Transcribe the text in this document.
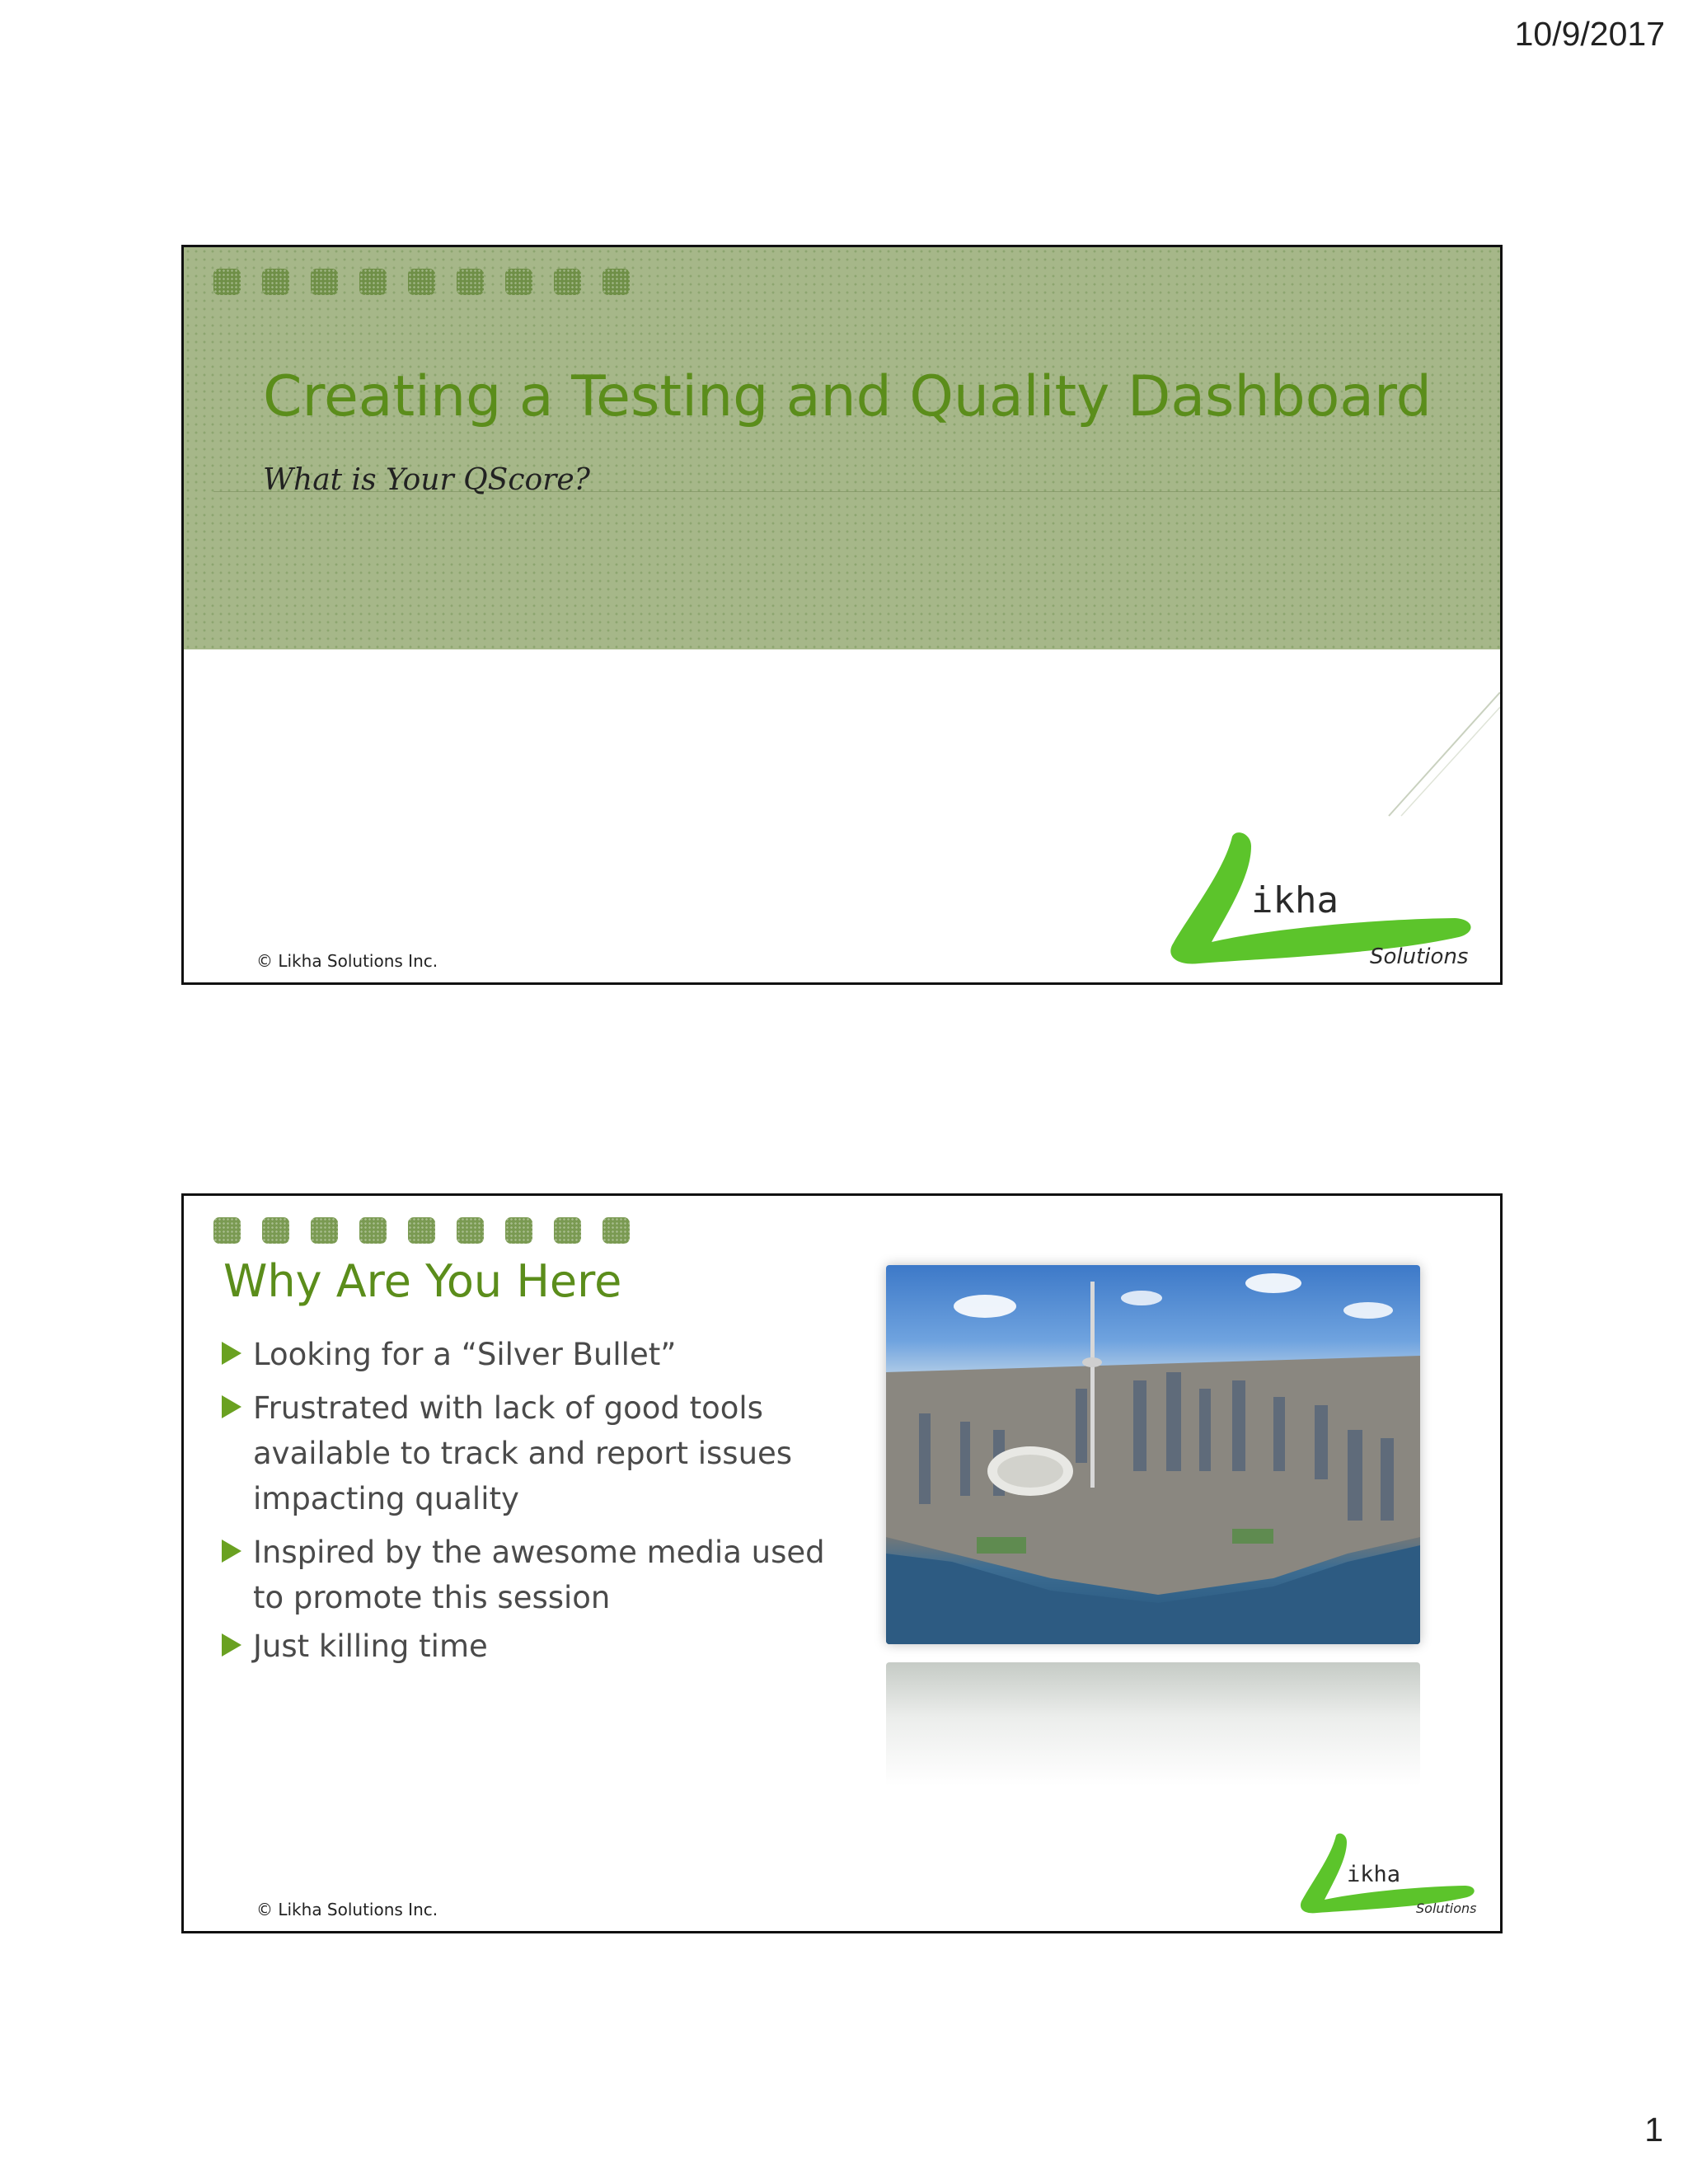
10/9/2017
Creating a Testing and Quality Dashboard
What is Your QScore?
ikha
Solutions
© Likha Solutions Inc.
Why Are You Here
Looking for a “Silver Bullet”
Frustrated with lack of good tools available to track and report issues impacting quality
Inspired by the awesome media used to promote this session
Just killing time
ikha
Solutions
© Likha Solutions Inc.
1
